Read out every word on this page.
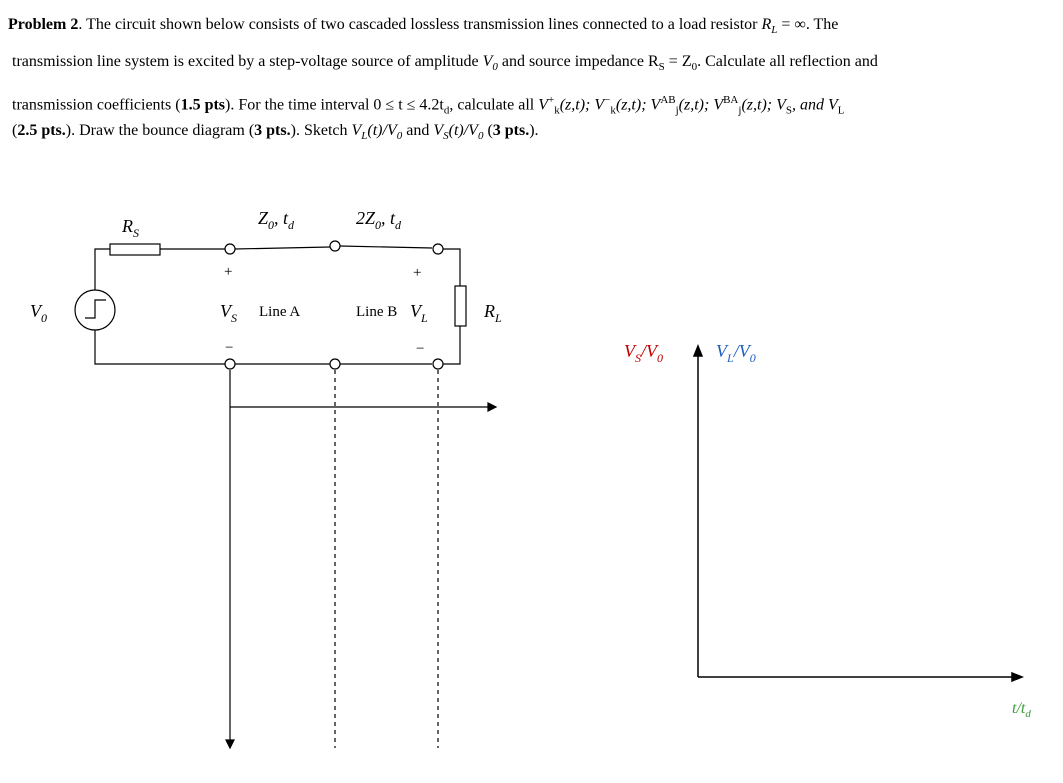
Problem 2. The circuit shown below consists of two cascaded lossless transmission lines connected to a load resistor $R_L$ = ∞. The

transmission line system is excited by a step-voltage source of amplitude $V_0$ and source impedance $R_S = Z_0$. Calculate all reflection and

transmission coefficients (1.5 pts). For the time interval $0 \le t \le 4.2t_d$, calculate all $V^+_k(z,t)$; $V^-_k(z,t)$; $V^{AB}_j(z,t)$; $V^{BA}_j(z,t)$; $V_S$, and $V_L$

(2.5 pts.). Draw the bounce diagram (3 pts.). Sketch $V_L(t)/V_0$ and $V_S(t)/V_0$ (3 pts.).

$R_S$
$Z_0$, $t_d$	$2Z_0$, $t_d$
$V_0$	$V_S$ Line A	Line B $V_L$	$R_L$
+	+
−	−	$V_S/V_0$	$V_L/V_0$
$t/t_d$
